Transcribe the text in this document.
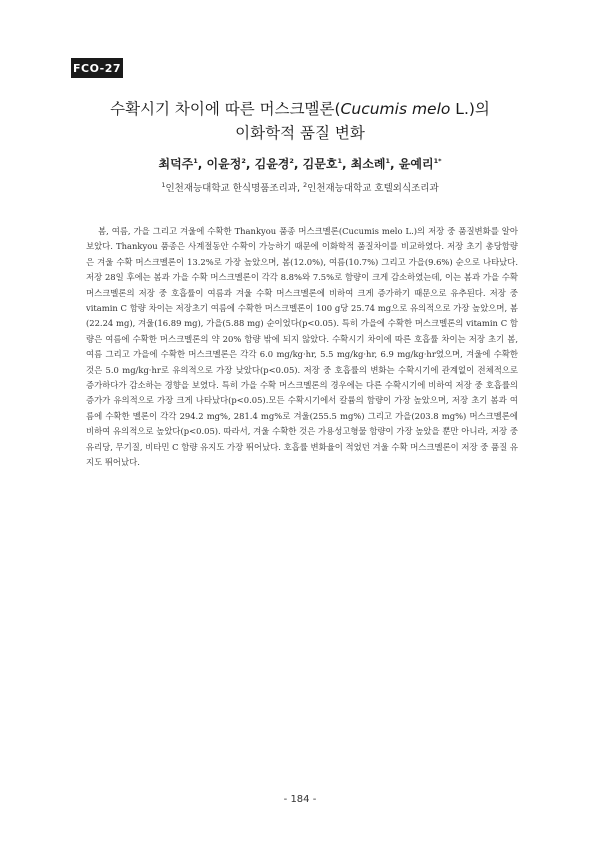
FCO-27
수확시기 차이에 따른 머스크멜론(Cucumis melo L.)의
이화학적 품질 변화
최덕주$^1$, 이윤정$^2$, 김윤경$^2$, 김문호$^1$, 최소례$^1$, 윤예리$^{1*}$
$^1$인천재능대학교 한식명품조리과, $^2$인천재능대학교 호텔외식조리과
봄, 여름, 가을 그리고 겨울에 수확한 Thankyou 품종 머스크멜론(Cucumis melo L.)의 저장 중 품질변화를 알아보았다. Thankyou 품종은 사계절동안 수확이 가능하기 때문에 이화학적 품질차이를 비교하였다. 저장 초기 총당함량은 겨울 수확 머스크멜론이 13.2%로 가장 높았으며, 봄(12.0%), 여름(10.7%) 그리고 가을(9.6%) 순으로 나타났다. 저장 28일 후에는 봄과 가을 수확 머스크멜론이 각각 8.8%와 7.5%로 함량이 크게 감소하였는데, 이는 봄과 가을 수확 머스크멜론의 저장 중 호흡률이 여름과 겨울 수확 머스크멜론에 비하여 크게 증가하기 때문으로 유추된다. 저장 중 vitamin C 함량 차이는 저장초기 여름에 수확한 머스크멜론이 100 g당 25.74 mg으로 유의적으로 가장 높았으며, 봄(22.24 mg), 겨울(16.89 mg), 가을(5.88 mg) 순이었다(p<0.05). 특히 가을에 수확한 머스크멜론의 vitamin C 함량은 여름에 수확한 머스크멜론의 약 20% 함량 밖에 되지 않았다. 수확시기 차이에 따른 호흡률 차이는 저장 초기 봄, 여름 그리고 가을에 수확한 머스크멜론은 각각 6.0 mg/kg·hr, 5.5 mg/kg·hr, 6.9 mg/kg·hr였으며, 겨울에 수확한 것은 5.0 mg/kg·hr로 유의적으로 가장 낮았다(p<0.05). 저장 중 호흡률의 변화는 수확시기에 관계없이 전체적으로 증가하다가 감소하는 경향을 보였다. 특히 가을 수확 머스크멜론의 경우에는 다른 수확시기에 비하여 저장 중 호흡률의 증가가 유의적으로 가장 크게 나타났다(p<0.05).모든 수확시기에서 칼륨의 함량이 가장 높았으며, 저장 초기 봄과 여름에 수확한 멜론이 각각 294.2 mg%, 281.4 mg%로 겨울(255.5 mg%) 그리고 가을(203.8 mg%) 머스크멜론에 비하여 유의적으로 높았다(p<0.05). 따라서, 겨울 수확한 것은 가용성고형물 함량이 가장 높았을 뿐만 아니라, 저장 중 유리당, 무기질, 비타민 C 함량 유지도 가장 뛰어났다. 호흡률 변화율이 적었던 겨울 수확 머스크멜론이 저장 중 품질 유지도 뛰어났다.
- 184 -
